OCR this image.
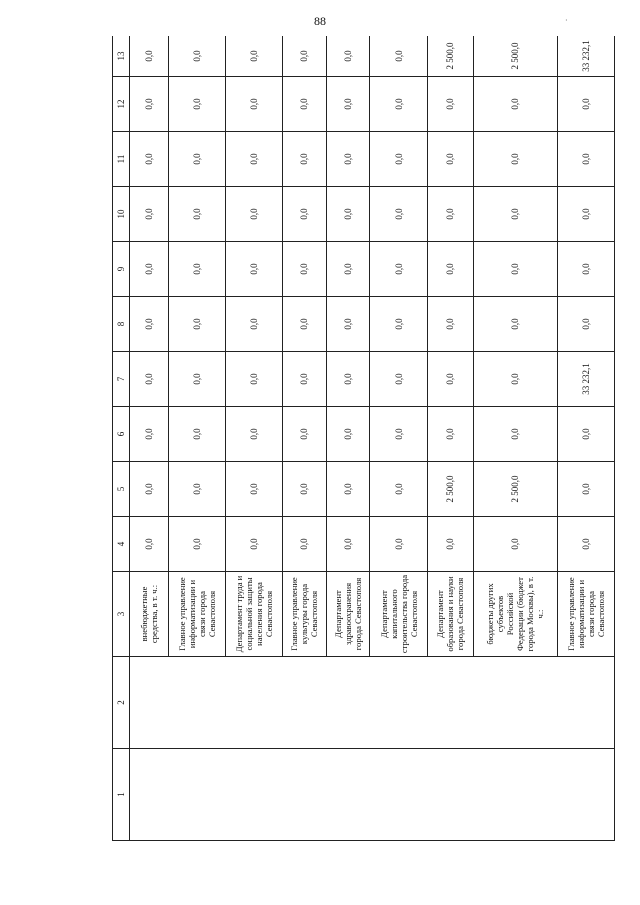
88	·
1	2	3	4	5	6	7	8	9	10	11	12	13
		внебюджетные средства, в т. ч.:	0,0	0,0	0,0	0,0	0,0	0,0	0,0	0,0	0,0	0,0
		Главное управление информатизации и связи города Севастополя	0,0	0,0	0,0	0,0	0,0	0,0	0,0	0,0	0,0	0,0
		Департамент труда и социальной защиты населения города Севастополя	0,0	0,0	0,0	0,0	0,0	0,0	0,0	0,0	0,0	0,0
		Главное управление культуры города Севастополя	0,0	0,0	0,0	0,0	0,0	0,0	0,0	0,0	0,0	0,0
		Департамент здравоохранения города Севастополя	0,0	0,0	0,0	0,0	0,0	0,0	0,0	0,0	0,0	0,0
		Департамент капитального строительства города Севастополя	0,0	0,0	0,0	0,0	0,0	0,0	0,0	0,0	0,0	0,0
		Департамент образования и науки города Севастополя	0,0	2 500,0	0,0	0,0	0,0	0,0	0,0	0,0	0,0	2 500,0
		бюджеты других субъектов Российской Федерации (бюджет города Москвы), в т. ч.:	0,0	2 500,0	0,0	0,0	0,0	0,0	0,0	0,0	0,0	2 500,0
		Главное управление информатизации и связи города Севастополя	0,0	0,0	0,0	33 232,1	0,0	0,0	0,0	0,0	0,0	33 232,1
